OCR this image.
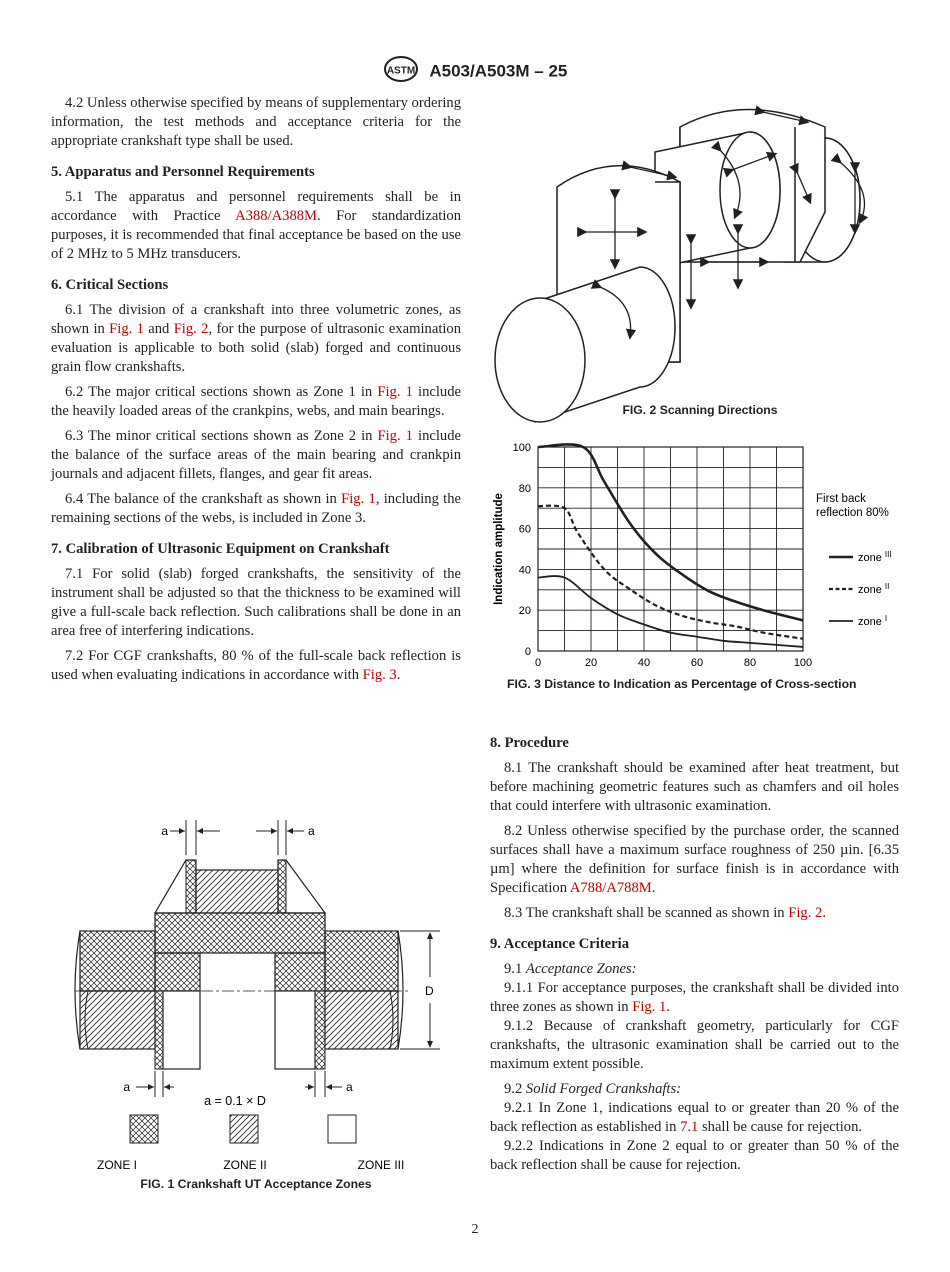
ASTM A503/A503M – 25

4.2 Unless otherwise specified by means of supplementary ordering information, the test methods and acceptance criteria for the appropriate crankshaft type shall be used.

5. Apparatus and Personnel Requirements

5.1 The apparatus and personnel requirements shall be in accordance with Practice A388/A388M. For standardization purposes, it is recommended that final acceptance be based on the use of 2 MHz to 5 MHz transducers.

6. Critical Sections

6.1 The division of a crankshaft into three volumetric zones, as shown in Fig. 1 and Fig. 2, for the purpose of ultrasonic examination evaluation is applicable to both solid (slab) forged and continuous grain flow crankshafts.

6.2 The major critical sections shown as Zone 1 in Fig. 1 include the heavily loaded areas of the crankpins, webs, and main bearings.

6.3 The minor critical sections shown as Zone 2 in Fig. 1 include the balance of the surface areas of the main bearing and crankpin journals and adjacent fillets, flanges, and gear fit areas.

6.4 The balance of the crankshaft as shown in Fig. 1, including the remaining sections of the webs, is included in Zone 3.

7. Calibration of Ultrasonic Equipment on Crankshaft

7.1 For solid (slab) forged crankshafts, the sensitivity of the instrument shall be adjusted so that the thickness to be examined will give a full-scale back reflection. Such calibrations shall be done in an area free of interfering indications.

7.2 For CGF crankshafts, 80 % of the full-scale back reflection is used when evaluating indications in accordance with Fig. 3.

a	a
D
a	a
a = 0.1 × D
ZONE I	ZONE II	ZONE III
FIG. 1 Crankshaft UT Acceptance Zones
FIG. 2 Scanning Directions
0	20	40	60	80	100
0
20
40
60
80
100
Indication amplitude	First back
reflection 80%
zone $^{III}$
zone $^{II}$
zone $^I$
FIG. 3 Distance to Indication as Percentage of Cross-section
8. Procedure

8.1 The crankshaft should be examined after heat treatment, but before machining geometric features such as chamfers and oil holes that could interfere with ultrasonic examination.

8.2 Unless otherwise specified by the purchase order, the scanned surfaces shall have a maximum surface roughness of 250 µin. [6.35 µm] where the definition for surface finish is in accordance with Specification A788/A788M.

8.3 The crankshaft shall be scanned as shown in Fig. 2.

9. Acceptance Criteria

9.1 Acceptance Zones:

9.1.1 For acceptance purposes, the crankshaft shall be divided into three zones as shown in Fig. 1.

9.1.2 Because of crankshaft geometry, particularly for CGF crankshafts, the ultrasonic examination shall be carried out to the maximum extent possible.

9.2 Solid Forged Crankshafts:

9.2.1 In Zone 1, indications equal to or greater than 20 % of the back reflection as established in 7.1 shall be cause for rejection.

9.2.2 Indications in Zone 2 equal to or greater than 50 % of the back reflection shall be cause for rejection.

2
